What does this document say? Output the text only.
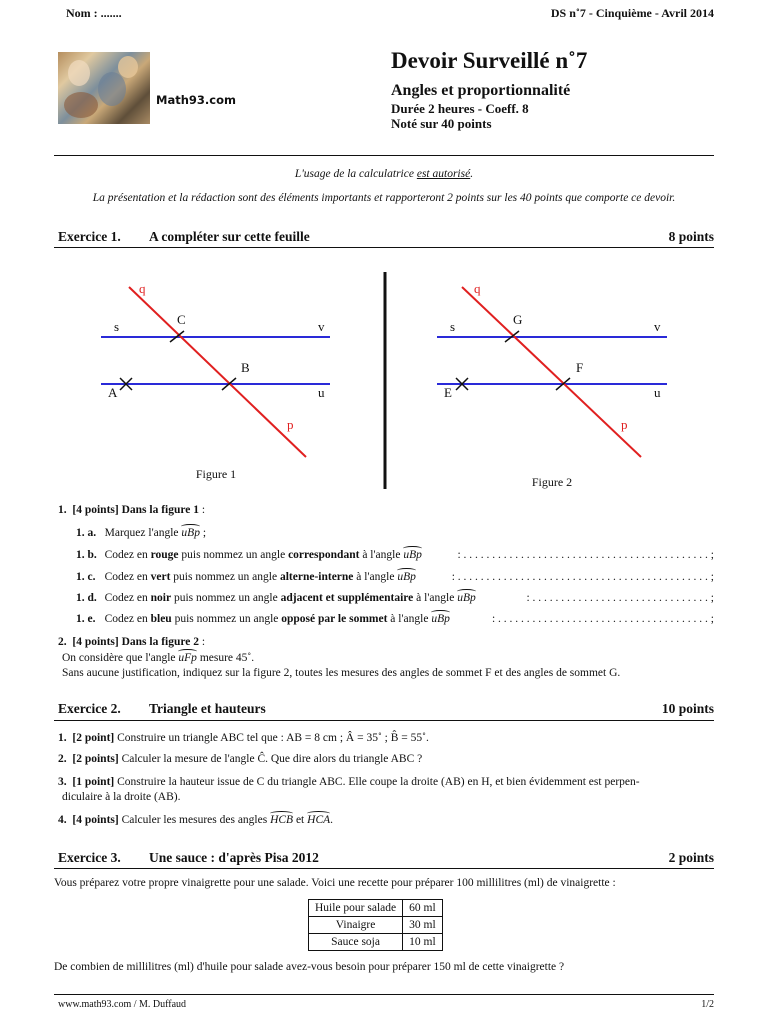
Nom : .......	DS n˚7 - Cinquième - Avril 2014
Math93.com
Devoir Surveillé n˚7
Angles et proportionnalité
Durée 2 heures - Coeff. 8
Noté sur 40 points
L'usage de la calculatrice est autorisé.
La présentation et la rédaction sont des éléments importants et rapporteront 2 points sur les 40 points que comporte ce devoir.
Exercice 1. A compléter sur cette feuille	8 points
q
p
s	v
u
C
B
A
Figure 1
q
p
s	v
u
G
F
E
Figure 2
1. [4 points] Dans la figure 1 :
1. a. Marquez l'angle uBp ;
1. b. Codez en rouge puis nommez un angle correspondant à l'angle uBp	: . . . . . . . . . . . . . . . . . . . . . . . . . . . . . . . . . . . . . . . . . . . ;
1. c. Codez en vert puis nommez un angle alterne-interne à l'angle uBp	: . . . . . . . . . . . . . . . . . . . . . . . . . . . . . . . . . . . . . . . . . . . . ;
1. d. Codez en noir puis nommez un angle adjacent et supplémentaire à l'angle uBp	: . . . . . . . . . . . . . . . . . . . . . . . . . . . . . . . ;
1. e. Codez en bleu puis nommez un angle opposé par le sommet à l'angle uBp	: . . . . . . . . . . . . . . . . . . . . . . . . . . . . . . . . . . . . . ;
2. [4 points] Dans la figure 2 :
On considère que l'angle uFp mesure 45˚.
Sans aucune justification, indiquez sur la figure 2, toutes les mesures des angles de sommet F et des angles de sommet G.
Exercice 2. Triangle et hauteurs	10 points
1. [2 point] Construire un triangle ABC tel que : AB = 8 cm ; Â = 35˚ ; B̂ = 55˚.
2. [2 points] Calculer la mesure de l'angle Ĉ. Que dire alors du triangle ABC ?
3. [1 point] Construire la hauteur issue de C du triangle ABC. Elle coupe la droite (AB) en H, et bien évidemment est perpen-
diculaire à la droite (AB).
4. [4 points] Calculer les mesures des angles HCB et HCA.
Exercice 3. Une sauce : d'après Pisa 2012	2 points
Vous préparez votre propre vinaigrette pour une salade. Voici une recette pour préparer 100 millilitres (ml) de vinaigrette :
Huile pour salade	60 ml
Vinaigre	30 ml
Sauce soja	10 ml
De combien de millilitres (ml) d'huile pour salade avez-vous besoin pour préparer 150 ml de cette vinaigrette ?
www.math93.com / M. Duffaud	1/2
